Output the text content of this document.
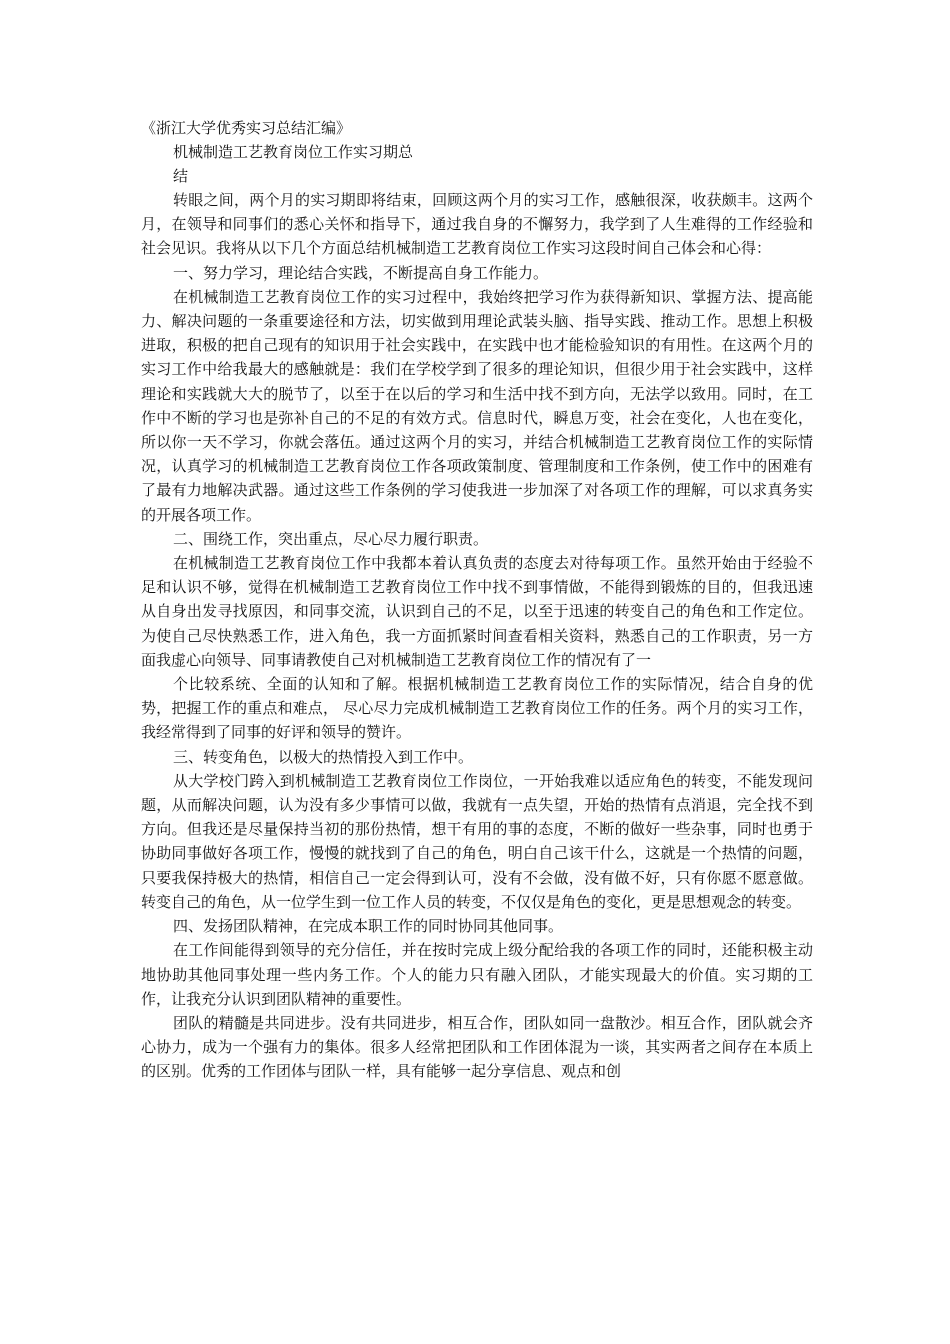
《浙江大学优秀实习总结汇编》
机械制造工艺教育岗位工作实习期总
结

转眼之间，两个月的实习期即将结束，回顾这两个月的实习工作，感触很深，收获颇丰。这两个月，在领导和同事们的悉心关怀和指导下，通过我自身的不懈努力，我学到了人生难得的工作经验和社会见识。我将从以下几个方面总结机械制造工艺教育岗位工作实习这段时间自己体会和心得：

一、努力学习，理论结合实践，不断提高自身工作能力。

在机械制造工艺教育岗位工作的实习过程中，我始终把学习作为获得新知识、掌握方法、提高能力、解决问题的一条重要途径和方法，切实做到用理论武装头脑、指导实践、推动工作。思想上积极进取，积极的把自己现有的知识用于社会实践中，在实践中也才能检验知识的有用性。在这两个月的实习工作中给我最大的感触就是：我们在学校学到了很多的理论知识，但很少用于社会实践中，这样理论和实践就大大的脱节了，以至于在以后的学习和生活中找不到方向，无法学以致用。同时，在工作中不断的学习也是弥补自己的不足的有效方式。信息时代，瞬息万变，社会在变化，人也在变化，所以你一天不学习，你就会落伍。通过这两个月的实习，并结合机械制造工艺教育岗位工作的实际情况，认真学习的机械制造工艺教育岗位工作各项政策制度、管理制度和工作条例，使工作中的困难有了最有力地解决武器。通过这些工作条例的学习使我进一步加深了对各项工作的理解，可以求真务实的开展各项工作。

二、围绕工作，突出重点，尽心尽力履行职责。

在机械制造工艺教育岗位工作中我都本着认真负责的态度去对待每项工作。虽然开始由于经验不足和认识不够，觉得在机械制造工艺教育岗位工作中找不到事情做，不能得到锻炼的目的，但我迅速从自身出发寻找原因，和同事交流，认识到自己的不足，以至于迅速的转变自己的角色和工作定位。为使自己尽快熟悉工作，进入角色，我一方面抓紧时间查看相关资料，熟悉自己的工作职责，另一方面我虚心向领导、同事请教使自己对机械制造工艺教育岗位工作的情况有了一

个比较系统、全面的认知和了解。根据机械制造工艺教育岗位工作的实际情况，结合自身的优势，把握工作的重点和难点， 尽心尽力完成机械制造工艺教育岗位工作的任务。两个月的实习工作，我经常得到了同事的好评和领导的赞许。

三、转变角色，以极大的热情投入到工作中。

从大学校门跨入到机械制造工艺教育岗位工作岗位，一开始我难以适应角色的转变，不能发现问题，从而解决问题，认为没有多少事情可以做，我就有一点失望，开始的热情有点消退，完全找不到方向。但我还是尽量保持当初的那份热情，想干有用的事的态度，不断的做好一些杂事，同时也勇于协助同事做好各项工作，慢慢的就找到了自己的角色，明白自己该干什么，这就是一个热情的问题，只要我保持极大的热情，相信自己一定会得到认可，没有不会做，没有做不好，只有你愿不愿意做。转变自己的角色，从一位学生到一位工作人员的转变，不仅仅是角色的变化，更是思想观念的转变。

四、发扬团队精神，在完成本职工作的同时协同其他同事。

在工作间能得到领导的充分信任，并在按时完成上级分配给我的各项工作的同时，还能积极主动地协助其他同事处理一些内务工作。个人的能力只有融入团队，才能实现最大的价值。实习期的工作，让我充分认识到团队精神的重要性。

团队的精髓是共同进步。没有共同进步，相互合作，团队如同一盘散沙。相互合作，团队就会齐心协力，成为一个强有力的集体。很多人经常把团队和工作团体混为一谈，其实两者之间存在本质上的区别。优秀的工作团体与团队一样，具有能够一起分享信息、观点和创
